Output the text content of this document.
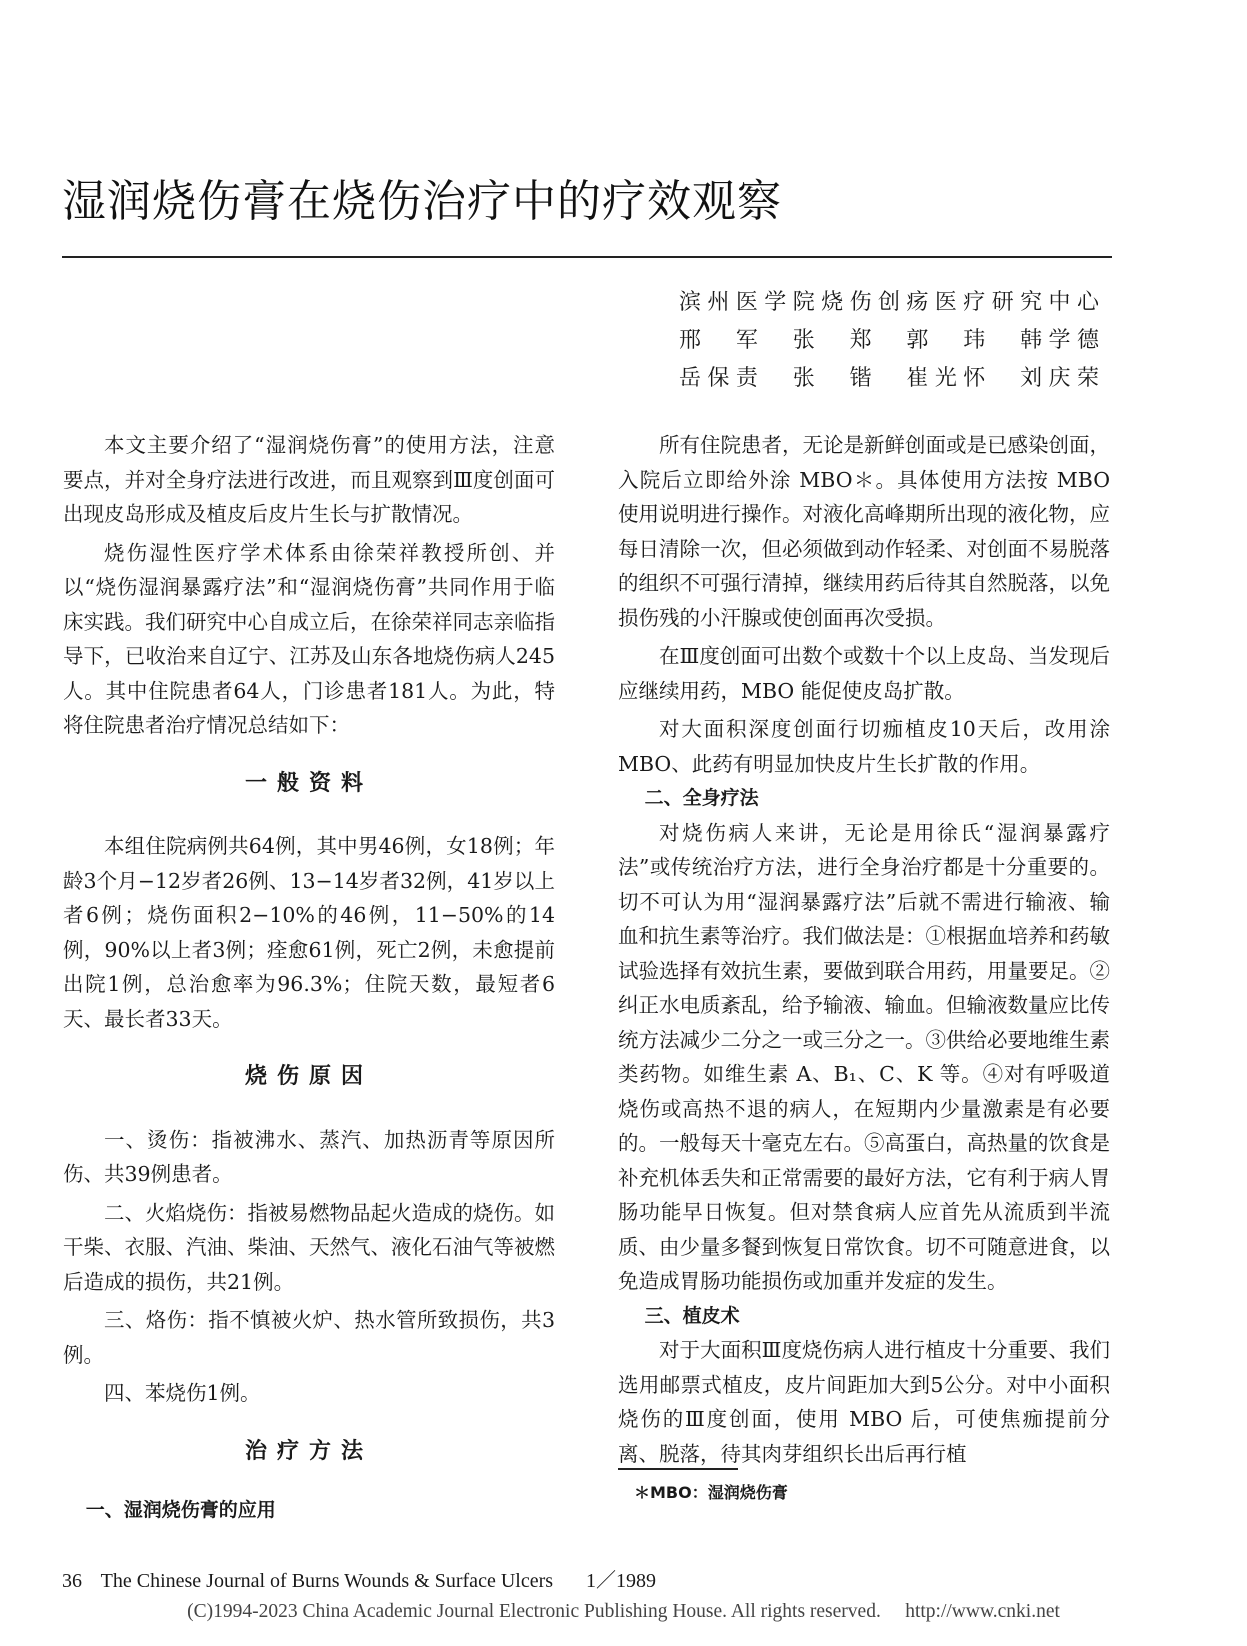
湿润烧伤膏在烧伤治疗中的疗效观察
滨州医学院烧伤创疡医疗研究中心
邢　军　张　郑　郭　玮　韩学德
岳保责　张　锴　崔光怀　刘庆荣

本文主要介绍了“湿润烧伤膏”的使用方法，注意要点，并对全身疗法进行改进，而且观察到Ⅲ度创面可出现皮岛形成及植皮后皮片生长与扩散情况。

烧伤湿性医疗学术体系由徐荣祥教授所创、并以“烧伤湿润暴露疗法”和“湿润烧伤膏”共同作用于临床实践。我们研究中心自成立后，在徐荣祥同志亲临指导下，已收治来自辽宁、江苏及山东各地烧伤病人245人。其中住院患者64人，门诊患者181人。为此，特将住院患者治疗情况总结如下：

一般资料

本组住院病例共64例，其中男46例，女18例；年龄3个月−12岁者26例、13−14岁者32例，41岁以上者6例；烧伤面积2−10%的46例，11−50%的14例，90%以上者3例；痊愈61例，死亡2例，未愈提前出院1例，总治愈率为96.3%；住院天数，最短者6天、最长者33天。

烧伤原因

一、烫伤：指被沸水、蒸汽、加热沥青等原因所伤、共39例患者。

二、火焰烧伤：指被易燃物品起火造成的烧伤。如干柴、衣服、汽油、柴油、天然气、液化石油气等被燃后造成的损伤，共21例。

三、烙伤：指不慎被火炉、热水管所致损伤，共3例。

四、苯烧伤1例。

治疗方法

一、湿润烧伤膏的应用

所有住院患者，无论是新鲜创面或是已感染创面，入院后立即给外涂 MBO＊。具体使用方法按 MBO 使用说明进行操作。对液化高峰期所出现的液化物，应每日清除一次，但必须做到动作轻柔、对创面不易脱落的组织不可强行清掉，继续用药后待其自然脱落，以免损伤残的小汗腺或使创面再次受损。

在Ⅲ度创面可出数个或数十个以上皮岛、当发现后应继续用药，MBO 能促使皮岛扩散。

对大面积深度创面行切痂植皮10天后，改用涂 MBO、此药有明显加快皮片生长扩散的作用。

二、全身疗法

对烧伤病人来讲，无论是用徐氏“湿润暴露疗法”或传统治疗方法，进行全身治疗都是十分重要的。切不可认为用“湿润暴露疗法”后就不需进行输液、输血和抗生素等治疗。我们做法是：①根据血培养和药敏试验选择有效抗生素，要做到联合用药，用量要足。②纠正水电质紊乱，给予输液、输血。但输液数量应比传统方法减少二分之一或三分之一。③供给必要地维生素类药物。如维生素 A、B₁、C、K 等。④对有呼吸道烧伤或高热不退的病人，在短期内少量激素是有必要的。一般每天十毫克左右。⑤高蛋白，高热量的饮食是补充机体丢失和正常需要的最好方法，它有利于病人胃肠功能早日恢复。但对禁食病人应首先从流质到半流质、由少量多餐到恢复日常饮食。切不可随意进食，以免造成胃肠功能损伤或加重并发症的发生。

三、植皮术

对于大面积Ⅲ度烧伤病人进行植皮十分重要、我们选用邮票式植皮，皮片间距加大到5公分。对中小面积烧伤的Ⅲ度创面，使用 MBO 后，可使焦痂提前分离、脱落，待其肉芽组织长出后再行植

＊MBO：湿润烧伤膏
36 The Chinese Journal of Burns Wounds & Surface Ulcers 1／1989
(C)1994-2023 China Academic Journal Electronic Publishing House. All rights reserved.　 http://www.cnki.net
